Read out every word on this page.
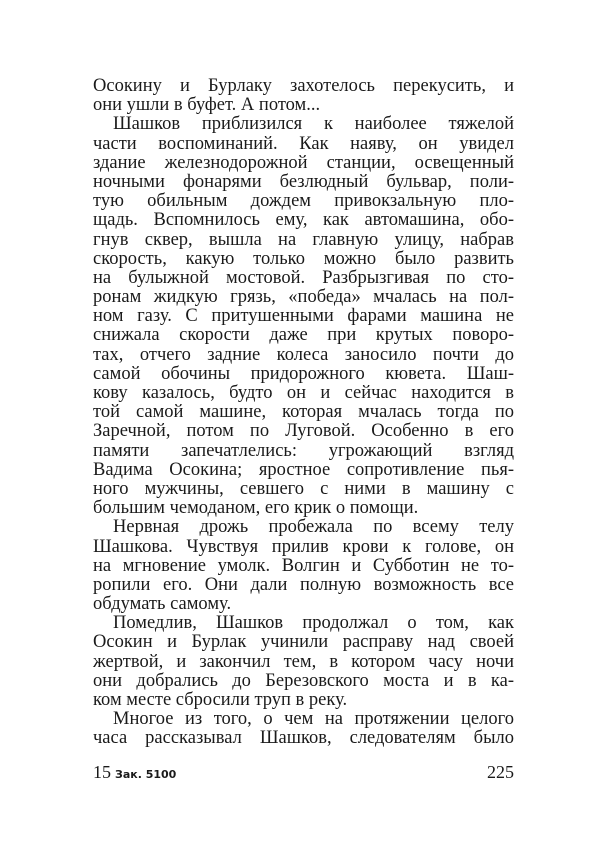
Осокину и Бурлаку захотелось перекусить, и
они ушли в буфет. А потом...
Шашков приблизился к наиболее тяжелой
части воспоминаний. Как наяву, он увидел
здание железнодорожной станции, освещенный
ночными фонарями безлюдный бульвар, поли-
тую обильным дождем привокзальную пло-
щадь. Вспомнилось ему, как автомашина, обо-
гнув сквер, вышла на главную улицу, набрав
скорость, какую только можно было развить
на булыжной мостовой. Разбрызгивая по сто-
ронам жидкую грязь, «победа» мчалась на пол-
ном газу. С притушенными фарами машина не
снижала скорости даже при крутых поворо-
тах, отчего задние колеса заносило почти до
самой обочины придорожного кювета. Шаш-
кову казалось, будто он и сейчас находится в
той самой машине, которая мчалась тогда по
Заречной, потом по Луговой. Особенно в его
памяти запечатлелись: угрожающий взгляд
Вадима Осокина; яростное сопротивление пья-
ного мужчины, севшего с ними в машину с
большим чемоданом, его крик о помощи.
Нервная дрожь пробежала по всему телу
Шашкова. Чувствуя прилив крови к голове, он
на мгновение умолк. Волгин и Субботин не то-
ропили его. Они дали полную возможность все
обдумать самому.
Помедлив, Шашков продолжал о том, как
Осокин и Бурлак учинили расправу над своей
жертвой, и закончил тем, в котором часу ночи
они добрались до Березовского моста и в ка-
ком месте сбросили труп в реку.
Многое из того, о чем на протяжении целого
часа рассказывал Шашков, следователям было
15 Зак. 5100	225
